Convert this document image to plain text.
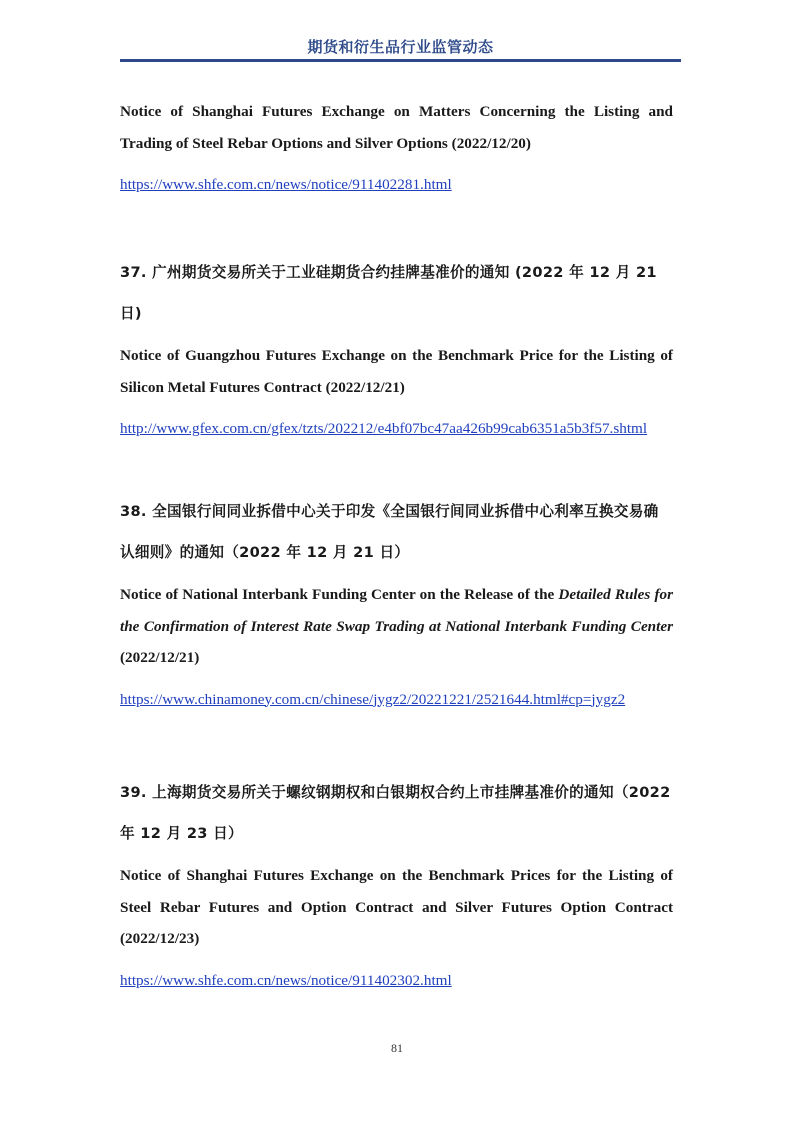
期货和衍生品行业监管动态

Notice of Shanghai Futures Exchange on Matters Concerning the Listing and Trading of Steel Rebar Options and Silver Options (2022/12/20)

https://www.shfe.com.cn/news/notice/911402281.html

37. 广州期货交易所关于工业硅期货合约挂牌基准价的通知 (2022 年 12 月 21 日)

Notice of Guangzhou Futures Exchange on the Benchmark Price for the Listing of Silicon Metal Futures Contract (2022/12/21)

http://www.gfex.com.cn/gfex/tzts/202212/e4bf07bc47aa426b99cab6351a5b3f57.shtml

38. 全国银行间同业拆借中心关于印发《全国银行间同业拆借中心利率互换交易确认细则》的通知（2022 年 12 月 21 日）

Notice of National Interbank Funding Center on the Release of the Detailed Rules for the Confirmation of Interest Rate Swap Trading at National Interbank Funding Center (2022/12/21)

https://www.chinamoney.com.cn/chinese/jygz2/20221221/2521644.html#cp=jygz2

39. 上海期货交易所关于螺纹钢期权和白银期权合约上市挂牌基准价的通知（2022 年 12 月 23 日）

Notice of Shanghai Futures Exchange on the Benchmark Prices for the Listing of Steel Rebar Futures and Option Contract and Silver Futures Option Contract (2022/12/23)

https://www.shfe.com.cn/news/notice/911402302.html

81
